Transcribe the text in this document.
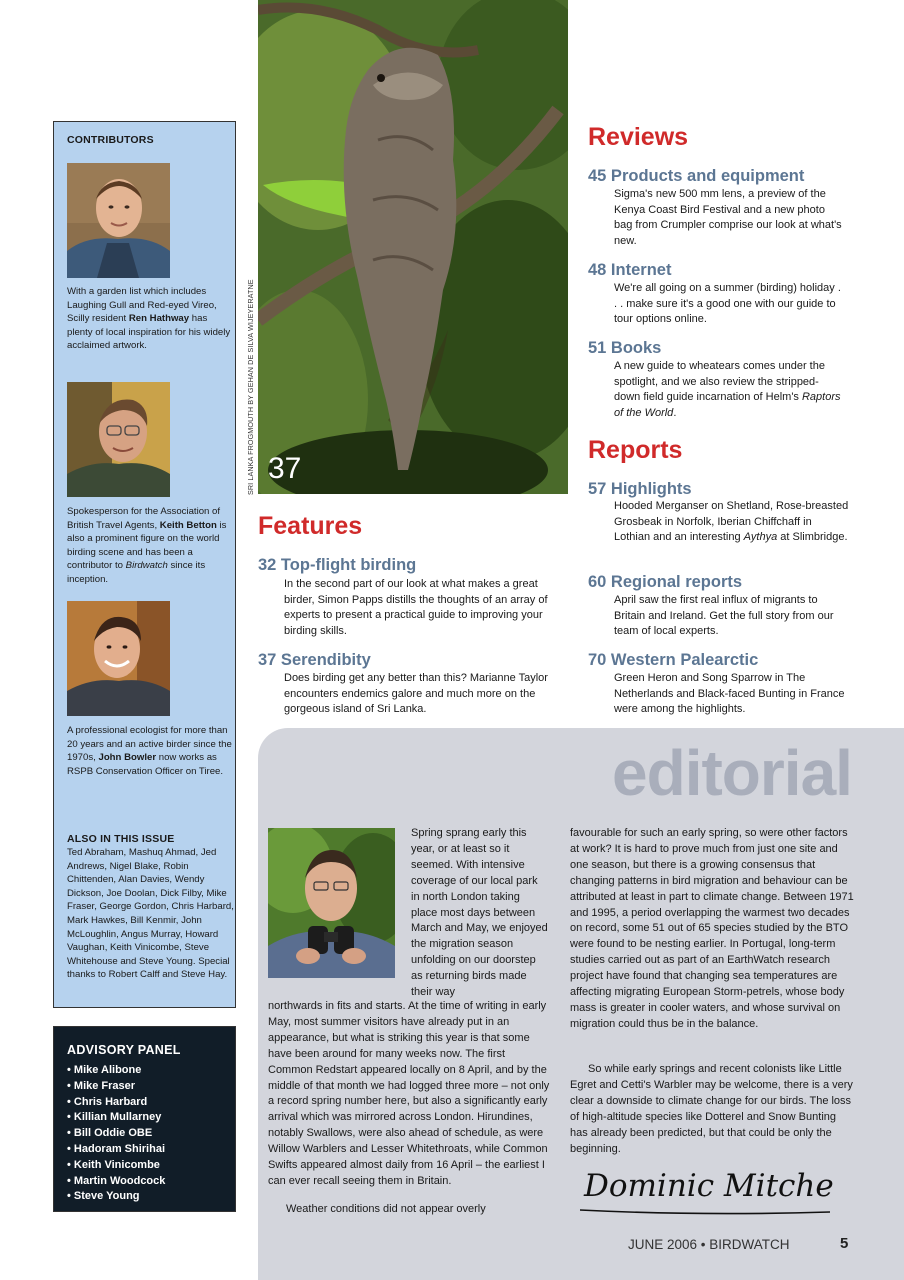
CONTRIBUTORS
With a garden list which includes Laughing Gull and Red-eyed Vireo, Scilly resident Ren Hathway has plenty of local inspiration for his widely acclaimed artwork.
Spokesperson for the Association of British Travel Agents, Keith Betton is also a prominent figure on the world birding scene and has been a contributor to Birdwatch since its inception.
A professional ecologist for more than 20 years and an active birder since the 1970s, John Bowler now works as RSPB Conservation Officer on Tiree.
ALSO IN THIS ISSUE
Ted Abraham, Mashuq Ahmad, Jed Andrews, Nigel Blake, Robin Chittenden, Alan Davies, Wendy Dickson, Joe Doolan, Dick Filby, Mike Fraser, George Gordon, Chris Harbard, Mark Hawkes, Bill Kenmir, John McLoughlin, Angus Murray, Howard Vaughan, Keith Vinicombe, Steve Whitehouse and Steve Young. Special thanks to Robert Calff and Steve Hay.
ADVISORY PANEL
• Mike Alibone
• Mike Fraser
• Chris Harbard
• Killian Mullarney
• Bill Oddie OBE
• Hadoram Shirihai
• Keith Vinicombe
• Martin Woodcock
• Steve Young
37
SRI LANKA FROGMOUTH BY GEHAN DE SILVA WIJEYERATNE
Features
32 Top-flight birding
In the second part of our look at what makes a great birder, Simon Papps distills the thoughts of an array of experts to present a practical guide to improving your birding skills.
37 Serendibity
Does birding get any better than this? Marianne Taylor encounters endemics galore and much more on the gorgeous island of Sri Lanka.
Reviews
45 Products and equipment
Sigma's new 500 mm lens, a preview of the Kenya Coast Bird Festival and a new photo bag from Crumpler comprise our look at what's new.
48 Internet
We're all going on a summer (birding) holiday . . . make sure it's a good one with our guide to tour options online.
51 Books
A new guide to wheatears comes under the spotlight, and we also review the stripped-down field guide incarnation of Helm's Raptors of the World.
Reports
57 Highlights
Hooded Merganser on Shetland, Rose-breasted Grosbeak in Norfolk, Iberian Chiffchaff in Lothian and an interesting Aythya at Slimbridge.
60 Regional reports
April saw the first real influx of migrants to Britain and Ireland. Get the full story from our team of local experts.
70 Western Palearctic
Green Heron and Song Sparrow in The Netherlands and Black-faced Bunting in France were among the highlights.
editorial
Spring sprang early this year, or at least so it seemed. With intensive coverage of our local park in north London taking place most days between March and May, we enjoyed the migration season unfolding on our doorstep as returning birds made their way
northwards in fits and starts. At the time of writing in early May, most summer visitors have already put in an appearance, but what is striking this year is that some have been around for many weeks now. The first Common Redstart appeared locally on 8 April, and by the middle of that month we had logged three more – not only a record spring number here, but also a significantly early arrival which was mirrored across London. Hirundines, notably Swallows, were also ahead of schedule, as were Willow Warblers and Lesser Whitethroats, while Common Swifts appeared almost daily from 16 April – the earliest I can ever recall seeing them in Britain.
Weather conditions did not appear overly
favourable for such an early spring, so were other factors at work? It is hard to prove much from just one site and one season, but there is a growing consensus that changing patterns in bird migration and behaviour can be attributed at least in part to climate change. Between 1971 and 1995, a period overlapping the warmest two decades on record, some 51 out of 65 species studied by the BTO were found to be nesting earlier. In Portugal, long-term studies carried out as part of an EarthWatch research project have found that changing sea temperatures are affecting migrating European Storm-petrels, whose body mass is greater in cooler waters, and whose survival on migration could thus be in the balance.
So while early springs and recent colonists like Little Egret and Cetti's Warbler may be welcome, there is a very clear a downside to climate change for our birds. The loss of high-altitude species like Dotterel and Snow Bunting has already been predicted, but that could be only the beginning.
Dominic Mitchell
JUNE 2006 • BIRDWATCH	5
